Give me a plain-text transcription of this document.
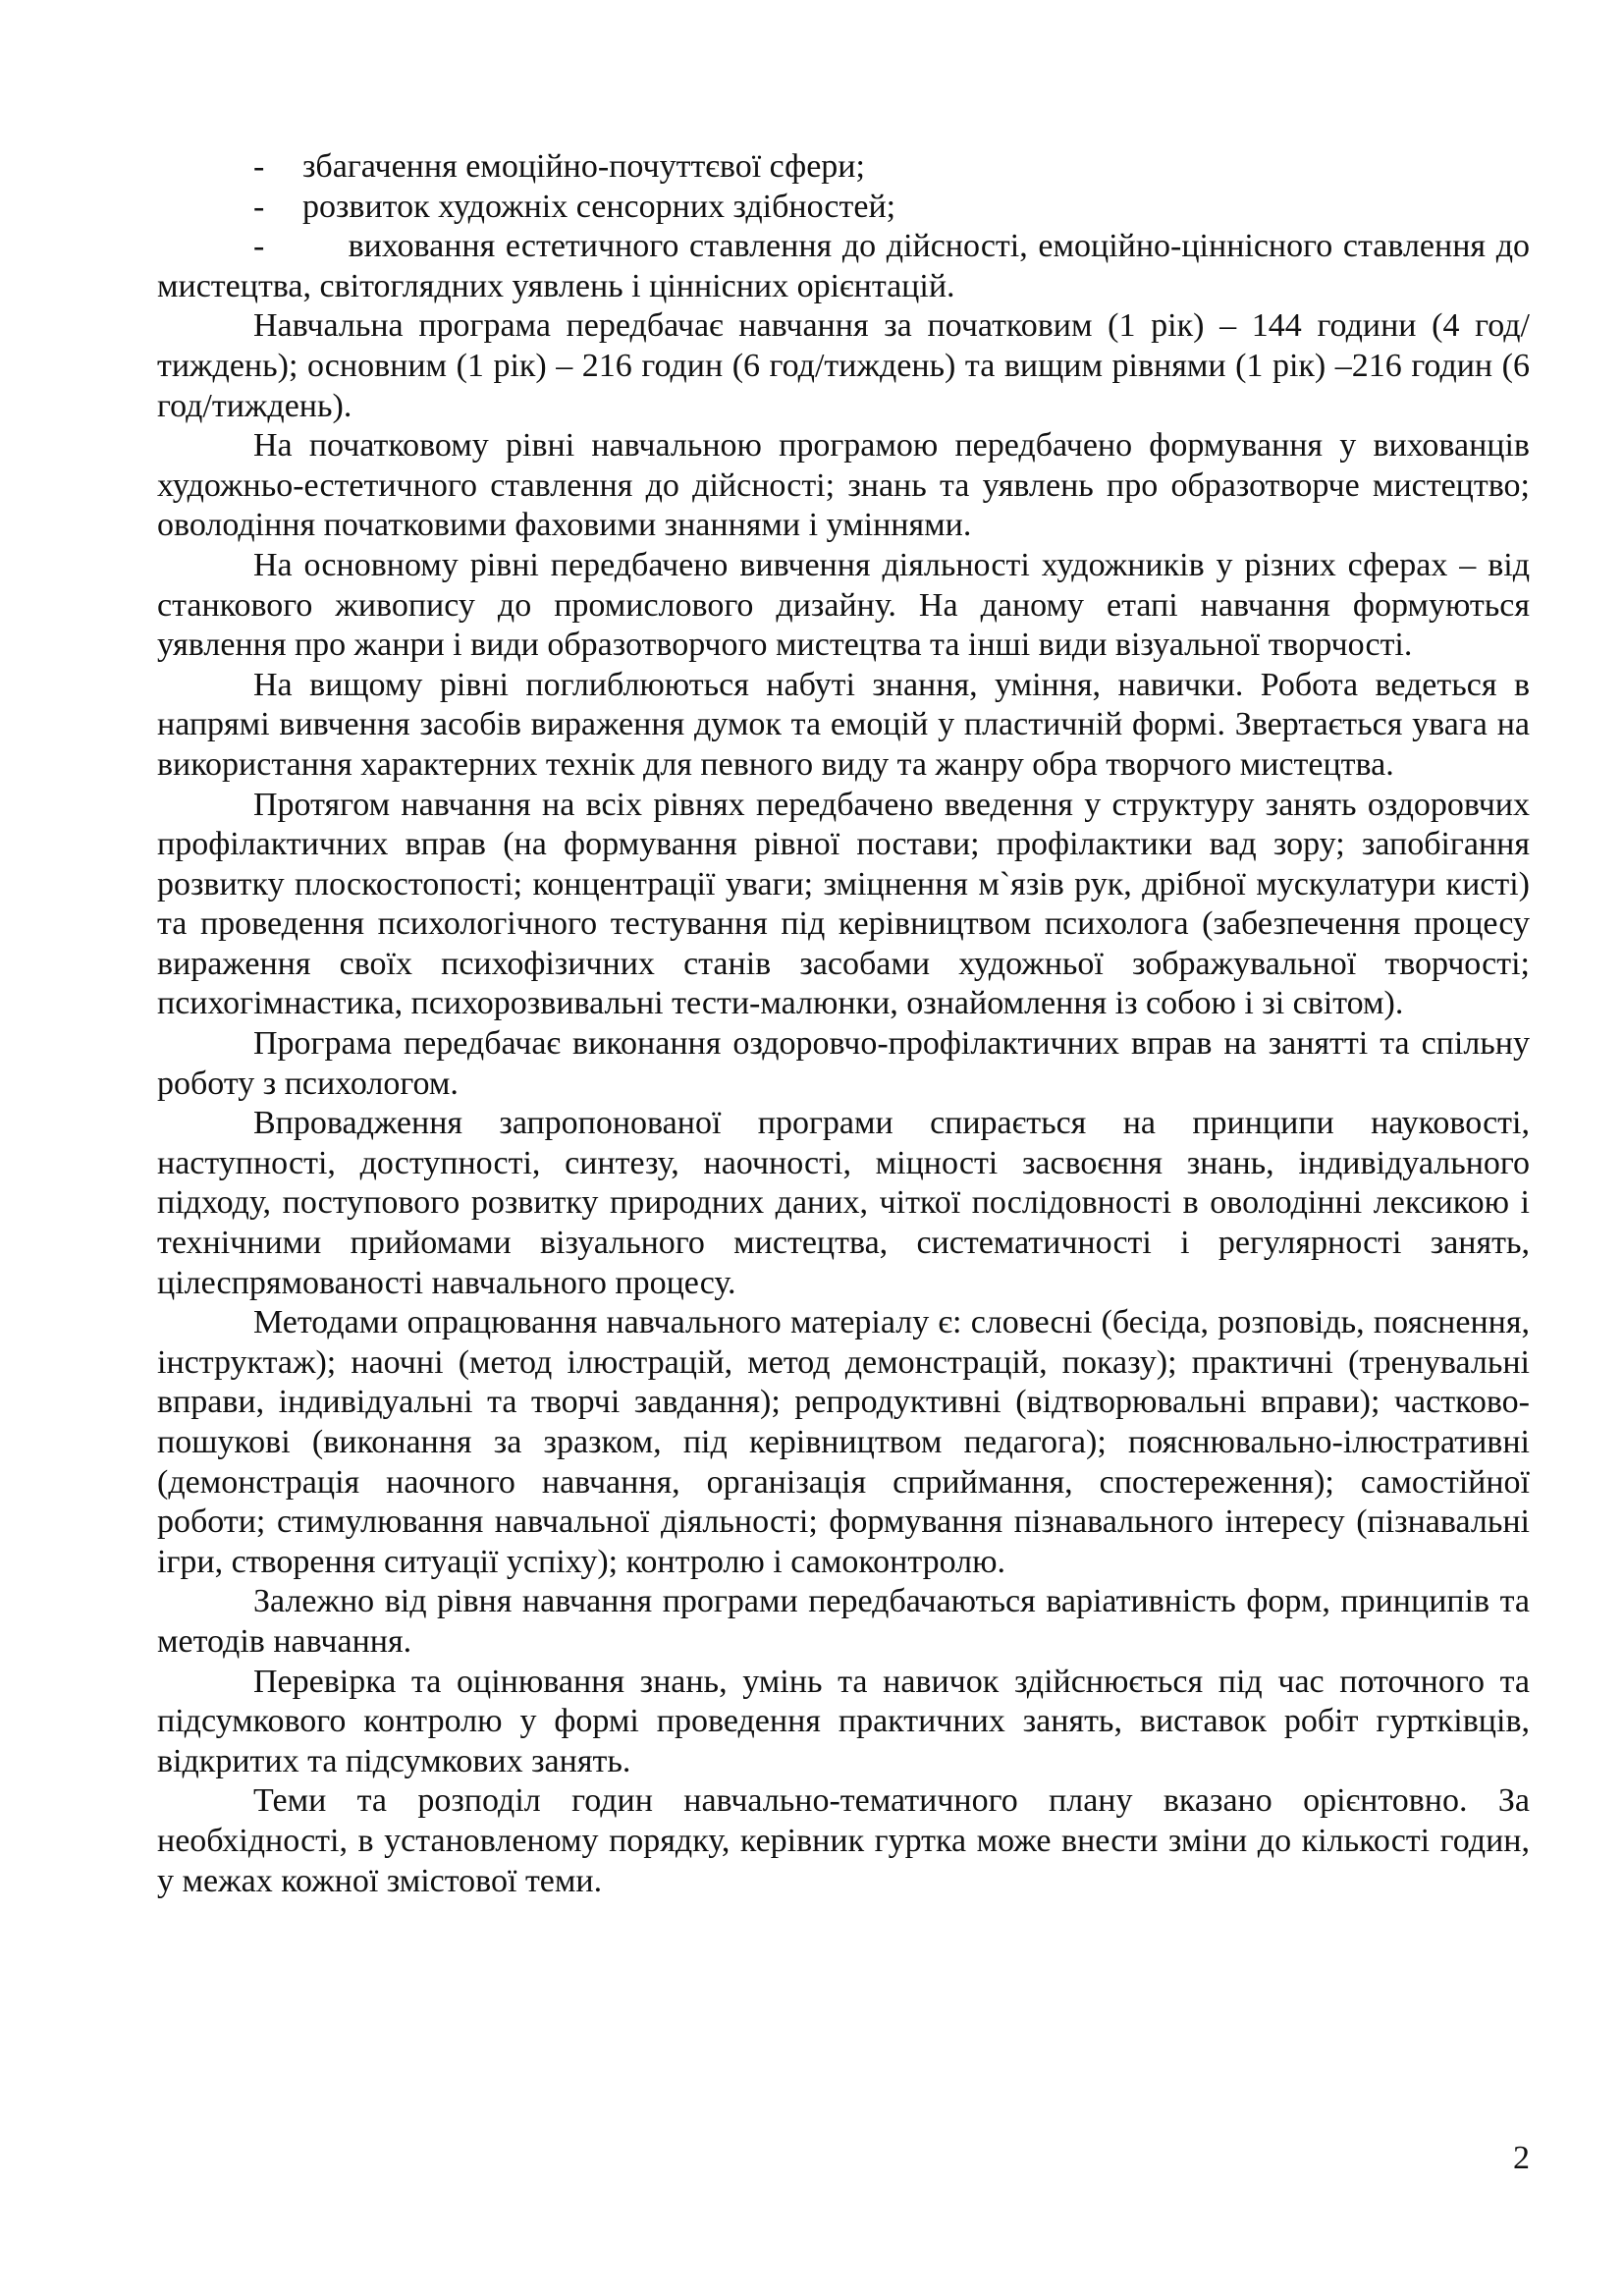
- збагачення емоційно-почуттєвої сфери;

- розвиток художніх сенсорних здібностей;

-        виховання естетичного ставлення до дійсності, емоційно-ціннісного ставлення до мистецтва, світоглядних уявлень і ціннісних орієнтацій.

Навчальна програма передбачає навчання за початковим (1 рік) – 144 години (4 год/тиждень); основним (1 рік) – 216 годин (6 год/тиждень) та вищим рівнями (1 рік) –216 годин (6 год/тиждень).

На початковому рівні навчальною програмою передбачено формування у вихованців художньо-естетичного ставлення до дійсності; знань та уявлень про образотворче мистецтво; оволодіння початковими фаховими знаннями і уміннями.

На основному рівні передбачено вивчення діяльності художників у різних сферах – від станкового живопису до промислового дизайну. На даному етапі навчання формуються уявлення про жанри і види образотворчого мистецтва та інші види візуальної творчості.

На вищому рівні поглиблюються набуті знання, уміння, навички. Робота ведеться в напрямі вивчення засобів вираження думок та емоцій у пластичній формі. Звертається увага на використання характерних технік для певного виду та жанру обра творчого мистецтва.

Протягом навчання на всіх рівнях передбачено введення у структуру занять оздоровчих профілактичних вправ (на формування рівної постави; профілактики вад зору; запобігання розвитку плоскостопості; концентрації уваги; зміцнення м`язів рук, дрібної мускулатури кисті) та проведення психологічного тестування під керівництвом психолога (забезпечення процесу вираження своїх психофізичних станів засобами художньої зображувальної творчості; психогімнастика, психорозвивальні тести-малюнки, ознайомлення із собою і зі світом).

Програма передбачає виконання оздоровчо-профілактичних вправ на занятті та спільну роботу з психологом.

Впровадження запропонованої програми спирається на принципи науковості, наступності, доступності, синтезу, наочності, міцності засвоєння знань, індивідуального підходу, поступового розвитку природних даних, чіткої послідовності в оволодінні лексикою і технічними прийомами візуального мистецтва, систематичності і регулярності занять, цілеспрямованості навчального процесу.

Методами опрацювання навчального матеріалу є: словесні (бесіда, розповідь, пояснення, інструктаж); наочні (метод ілюстрацій, метод демонстрацій, показу); практичні (тренувальні вправи, індивідуальні та творчі завдання); репродуктивні (відтворювальні вправи); частково-пошукові (виконання за зразком, під керівництвом педагога); пояснювально-ілюстративні (демонстрація наочного навчання, організація сприймання, спостереження); самостійної роботи; стимулювання навчальної діяльності; формування пізнавального інтересу (пізнавальні ігри, створення ситуації успіху); контролю і самоконтролю.

Залежно від рівня навчання програми передбачаються варіативність форм, принципів та методів навчання.

Перевірка та оцінювання знань, умінь та навичок здійснюється під час поточного та підсумкового контролю у формі проведення практичних занять, виставок робіт гуртківців, відкритих та підсумкових занять.

Теми та розподіл годин навчально-тематичного плану вказано орієнтовно. За необхідності, в установленому порядку, керівник гуртка може внести зміни до кількості годин, у межах кожної змістової теми.

2
